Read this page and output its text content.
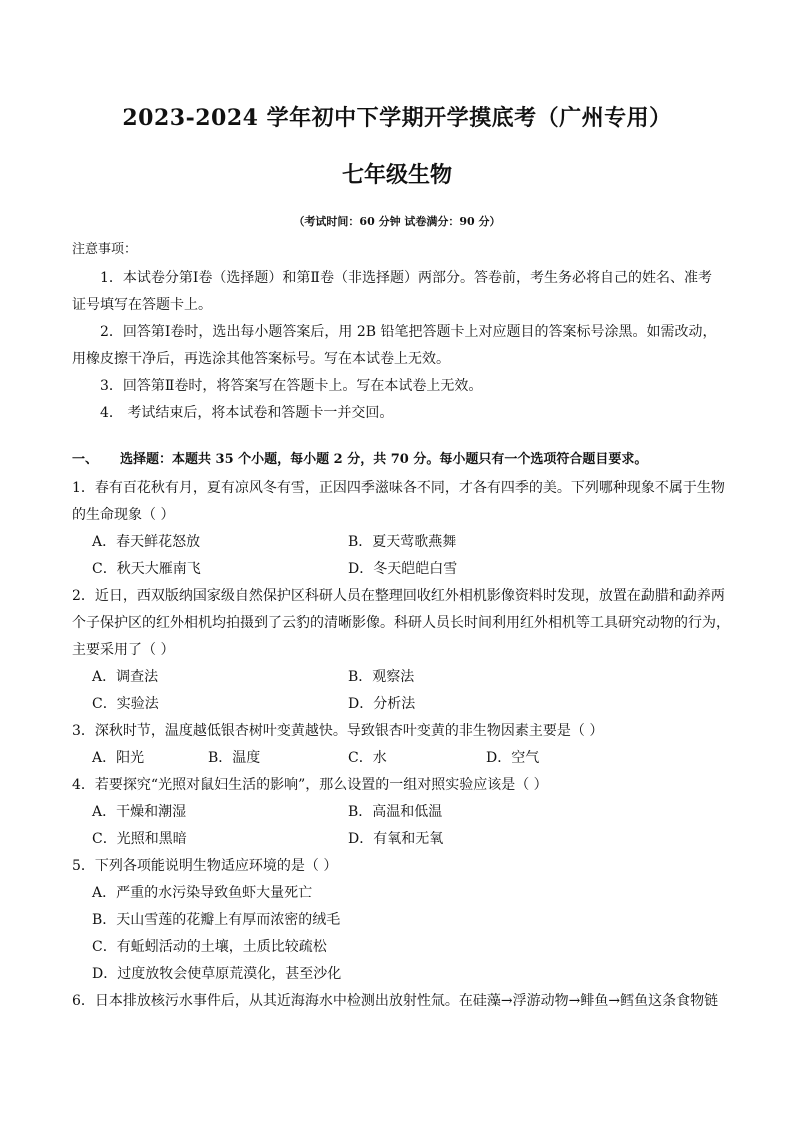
2023-2024 学年初中下学期开学摸底考（广州专用）
七年级生物
（考试时间：60 分钟 试卷满分：90 分）
注意事项：
1．本试卷分第Ⅰ卷（选择题）和第Ⅱ卷（非选择题）两部分。答卷前，考生务必将自己的姓名、准考
证号填写在答题卡上。
2．回答第Ⅰ卷时，选出每小题答案后，用 2B 铅笔把答题卡上对应题目的答案标号涂黑。如需改动，
用橡皮擦干净后，再选涂其他答案标号。写在本试卷上无效。
3．回答第Ⅱ卷时，将答案写在答题卡上。写在本试卷上无效。
4． 考试结束后，将本试卷和答题卡一并交回。
一、 选择题：本题共 35 个小题，每小题 2 分，共 70 分。每小题只有一个选项符合题目要求。
1．春有百花秋有月，夏有凉风冬有雪，正因四季滋味各不同，才各有四季的美。下列哪种现象不属于生物
的生命现象（ ）
A．春天鲜花怒放	B．夏天莺歌燕舞
C．秋天大雁南飞	D．冬天皑皑白雪
2．近日，西双版纳国家级自然保护区科研人员在整理回收红外相机影像资料时发现，放置在勐腊和勐养两
个子保护区的红外相机均拍摄到了云豹的清晰影像。科研人员长时间利用红外相机等工具研究动物的行为，
主要采用了（ ）
A．调查法	B．观察法
C．实验法	D．分析法
3．深秋时节，温度越低银杏树叶变黄越快。导致银杏叶变黄的非生物因素主要是（ ）
A．阳光	B．温度	C．水	D．空气
4．若要探究“光照对鼠妇生活的影响”，那么设置的一组对照实验应该是（ ）
A．干燥和潮湿	B．高温和低温
C．光照和黑暗	D．有氧和无氧
5．下列各项能说明生物适应环境的是（ ）
A．严重的水污染导致鱼虾大量死亡
B．天山雪莲的花瓣上有厚而浓密的绒毛
C．有蚯蚓活动的土壤，土质比较疏松
D．过度放牧会使草原荒漠化，甚至沙化
6．日本排放核污水事件后，从其近海海水中检测出放射性氚。在硅藻→浮游动物→鲱鱼→鳕鱼这条食物链
